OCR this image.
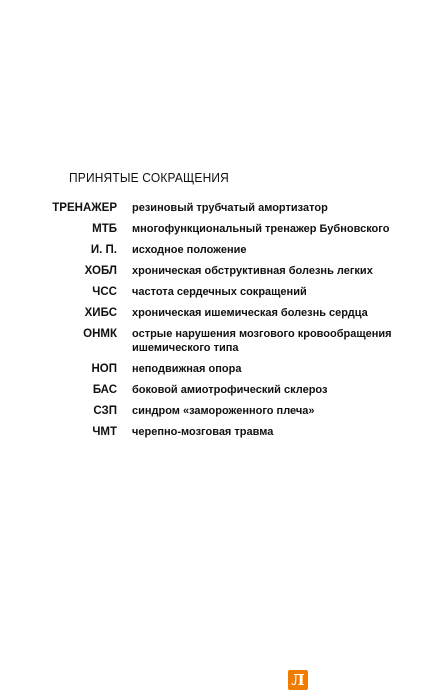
ПРИНЯТЫЕ СОКРАЩЕНИЯ
ТРЕНАЖЕР резиновый трубчатый амортизатор
МТБ многофункциональный тренажер Бубновского
И. П. исходное положение
ХОБЛ хроническая обструктивная болезнь легких
ЧСС частота сердечных сокращений
ХИБС хроническая ишемическая болезнь сердца
ОНМК острые нарушения мозгового кровообращения
ишемического типа
НОП неподвижная опора
БАС боковой амиотрофический склероз
СЗП синдром «замороженного плеча»
ЧМТ черепно-мозговая травма
Л
